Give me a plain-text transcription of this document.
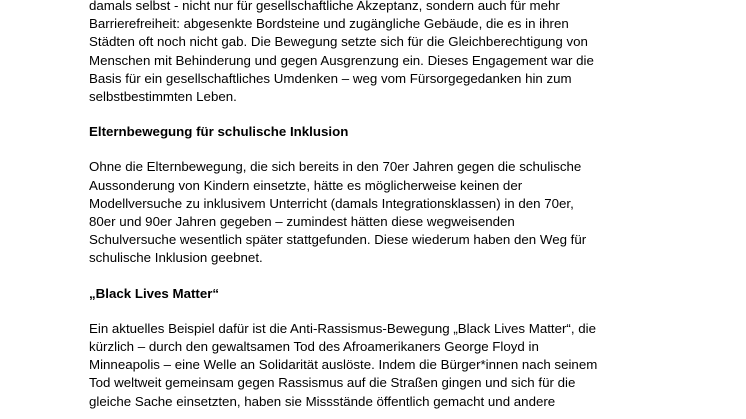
damals selbst - nicht nur für gesellschaftliche Akzeptanz, sondern auch für mehr
Barrierefreiheit: abgesenkte Bordsteine und zugängliche Gebäude, die es in ihren
Städten oft noch nicht gab. Die Bewegung setzte sich für die Gleichberechtigung von
Menschen mit Behinderung und gegen Ausgrenzung ein. Dieses Engagement war die
Basis für ein gesellschaftliches Umdenken – weg vom Fürsorgegedanken hin zum
selbstbestimmten Leben.

Elternbewegung für schulische Inklusion

Ohne die Elternbewegung, die sich bereits in den 70er Jahren gegen die schulische
Aussonderung von Kindern einsetzte, hätte es möglicherweise keinen der
Modellversuche zu inklusivem Unterricht (damals Integrationsklassen) in den 70er,
80er und 90er Jahren gegeben – zumindest hätten diese wegweisenden
Schulversuche wesentlich später stattgefunden. Diese wiederum haben den Weg für
schulische Inklusion geebnet.

„Black Lives Matter“

Ein aktuelles Beispiel dafür ist die Anti-Rassismus-Bewegung „Black Lives Matter“, die
kürzlich – durch den gewaltsamen Tod des Afroamerikaners George Floyd in
Minneapolis – eine Welle an Solidarität auslöste. Indem die Bürger*innen nach seinem
Tod weltweit gemeinsam gegen Rassismus auf die Straßen gingen und sich für die
gleiche Sache einsetzten, haben sie Missstände öffentlich gemacht und andere
